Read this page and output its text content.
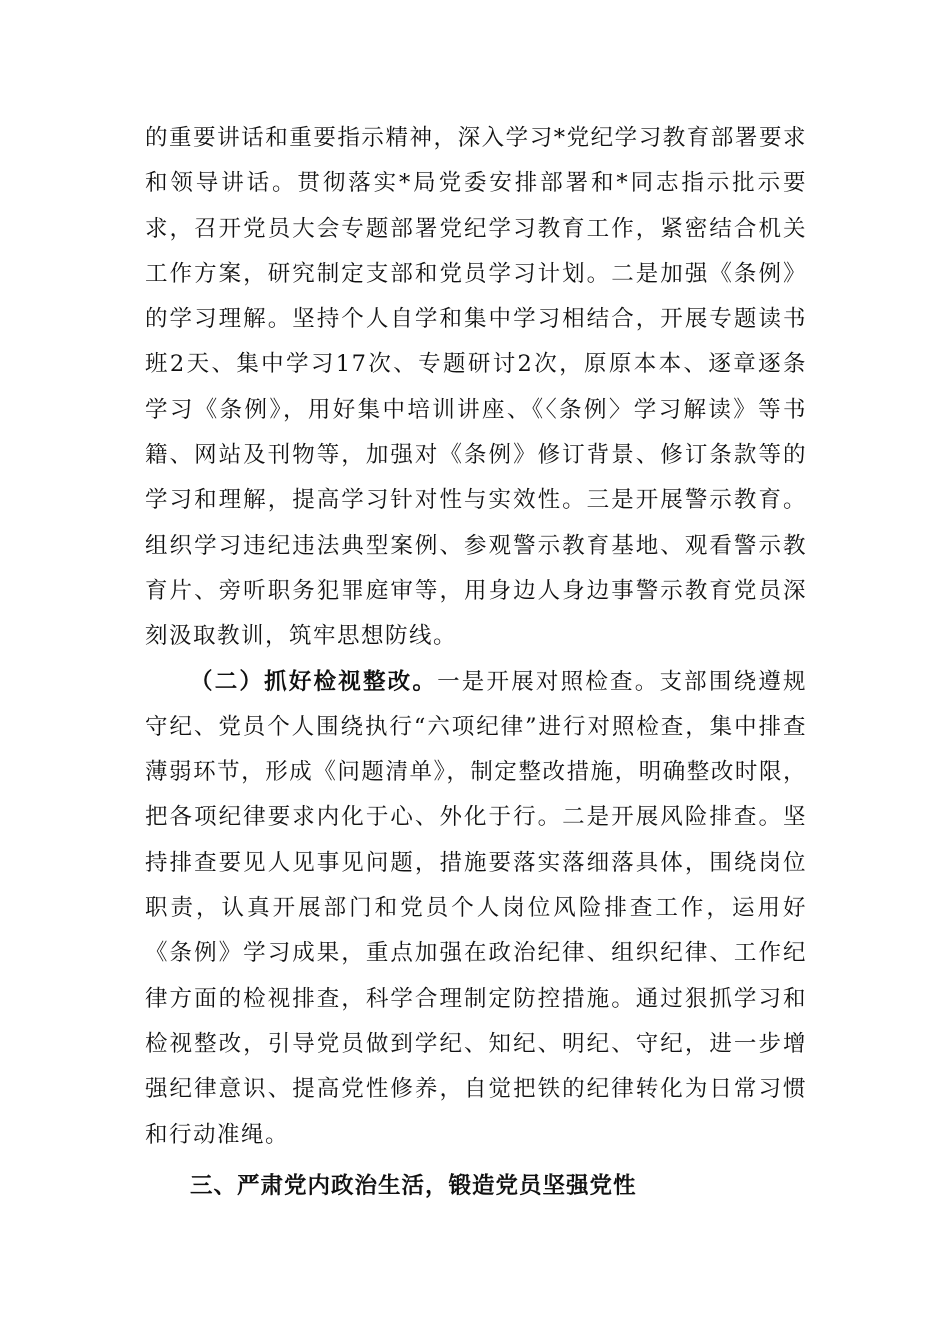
的重要讲话和重要指示精神，深入学习*党纪学习教育部署要求和领导讲话。贯彻落实*局党委安排部署和*同志指示批示要求，召开党员大会专题部署党纪学习教育工作，紧密结合机关工作方案，研究制定支部和党员学习计划。二是加强《条例》的学习理解。坚持个人自学和集中学习相结合，开展专题读书班2天、集中学习17次、专题研讨2次，原原本本、逐章逐条学习《条例》，用好集中培训讲座、《〈条例〉学习解读》等书籍、网站及刊物等，加强对《条例》修订背景、修订条款等的学习和理解，提高学习针对性与实效性。三是开展警示教育。组织学习违纪违法典型案例、参观警示教育基地、观看警示教育片、旁听职务犯罪庭审等，用身边人身边事警示教育党员深刻汲取教训，筑牢思想防线。

（二）抓好检视整改。一是开展对照检查。支部围绕遵规守纪、党员个人围绕执行“六项纪律”进行对照检查，集中排查薄弱环节，形成《问题清单》，制定整改措施，明确整改时限，把各项纪律要求内化于心、外化于行。二是开展风险排查。坚持排查要见人见事见问题，措施要落实落细落具体，围绕岗位职责，认真开展部门和党员个人岗位风险排查工作，运用好《条例》学习成果，重点加强在政治纪律、组织纪律、工作纪律方面的检视排查，科学合理制定防控措施。通过狠抓学习和检视整改，引导党员做到学纪、知纪、明纪、守纪，进一步增强纪律意识、提高党性修养，自觉把铁的纪律转化为日常习惯和行动准绳。

三、严肃党内政治生活，锻造党员坚强党性
